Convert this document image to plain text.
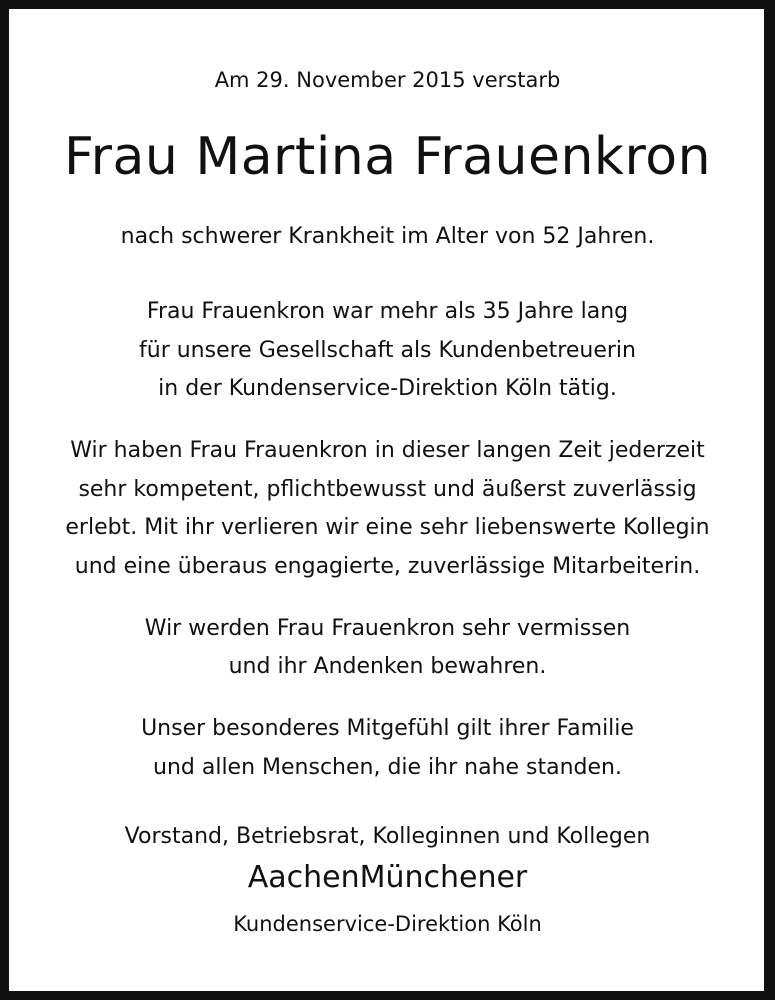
Am 29. November 2015 verstarb
Frau Martina Frauenkron
nach schwerer Krankheit im Alter von 52 Jahren.
Frau Frauenkron war mehr als 35 Jahre lang
für unsere Gesellschaft als Kundenbetreuerin
in der Kundenservice-Direktion Köln tätig.
Wir haben Frau Frauenkron in dieser langen Zeit jederzeit
sehr kompetent, pflichtbewusst und äußerst zuverlässig
erlebt. Mit ihr verlieren wir eine sehr liebenswerte Kollegin
und eine überaus engagierte, zuverlässige Mitarbeiterin.
Wir werden Frau Frauenkron sehr vermissen
und ihr Andenken bewahren.
Unser besonderes Mitgefühl gilt ihrer Familie
und allen Menschen, die ihr nahe standen.
Vorstand, Betriebsrat, Kolleginnen und Kollegen
AachenMünchener
Kundenservice-Direktion Köln
